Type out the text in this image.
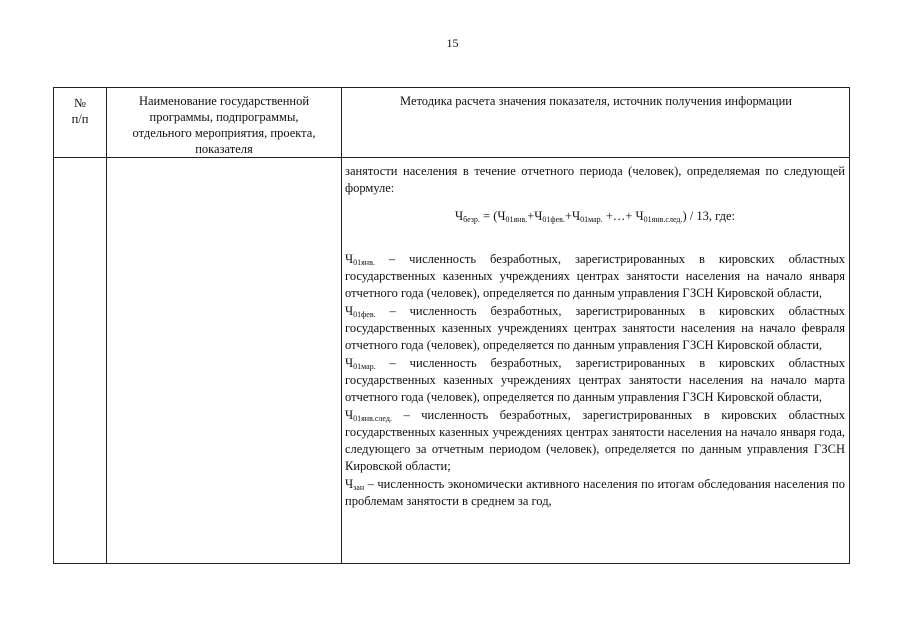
15
№
п/п
Наименование государственной
программы, подпрограммы,
отдельного мероприятия, проекта,
показателя
Методика расчета значения показателя, источник получения информации

занятости населения в течение отчетного периода (человек), определяемая по следующей формуле:

$Ч_{безр.} = (Ч_{01янв.}+Ч_{01фев.}+Ч_{01мар.}$ +…+ $Ч_{01янв.след.}) / 13$, где:

$Ч_{01янв.}$ – численность безработных, зарегистрированных в кировских областных государственных казенных учреждениях центрах занятости населения на начало января отчетного года (человек), определяется по данным управления ГЗСН Кировской области,

$Ч_{01фев.}$ – численность безработных, зарегистрированных в кировских областных государственных казенных учреждениях центрах занятости населения на начало февраля отчетного года (человек), определяется по данным управления ГЗСН Кировской области,

$Ч_{01мар.}$ – численность безработных, зарегистрированных в кировских областных государственных казенных учреждениях центрах занятости населения на начало марта отчетного года (человек), определяется по данным управления ГЗСН Кировской области,

$Ч_{01янв.след.}$ – численность безработных, зарегистрированных в кировских областных государственных казенных учреждениях центрах занятости населения на начало января года, следующего за отчетным периодом (человек), определяется по данным управления ГЗСН Кировской области;

$Ч_{зан}$ – численность экономически активного населения по итогам обследования населения по проблемам занятости в среднем за год,
